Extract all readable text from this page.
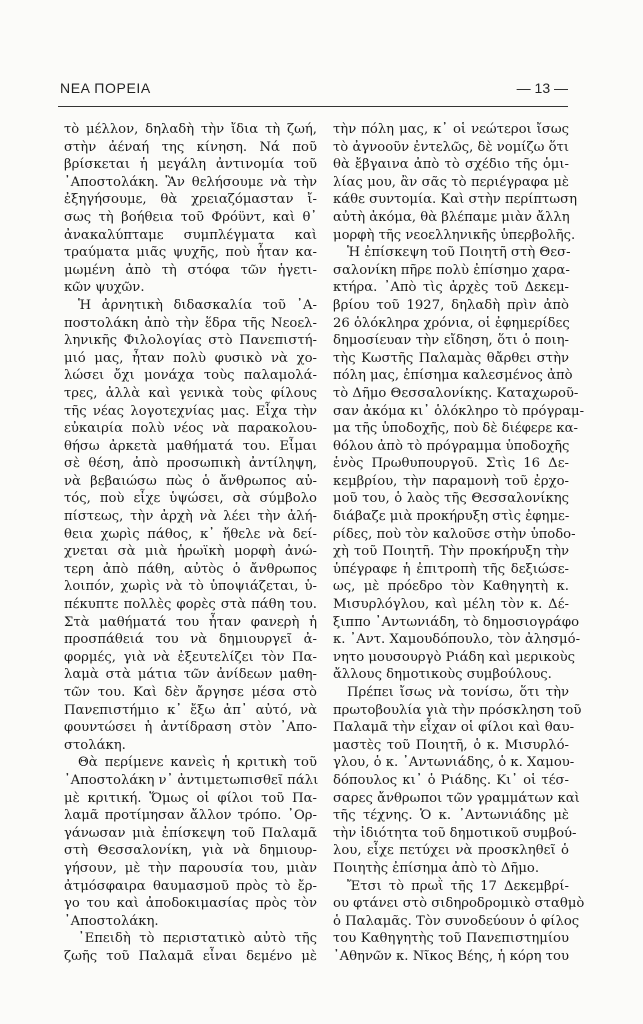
ΝΕΑ ΠΟΡΕΙΑ	— 13 —
τὸ μέλλον, δηλαδὴ τὴν ἴδια τὴ ζωή,
στὴν ἀέναή της κίνηση. Νά ποῦ
βρίσκεται ἡ μεγάλη ἀντινομία τοῦ
᾿Αποστολάκη. Ἂν θελήσουμε νὰ τὴν
ἐξηγήσουμε, θὰ χρειαζόμασταν ἴ-
σως τὴ βοήθεια τοῦ Φρόϋντ, καὶ θ᾿
ἀνακαλύπταμε συμπλέγματα καὶ
τραύματα μιᾶς ψυχῆς, ποὺ ἦταν κα-
μωμένη ἀπὸ τὴ στόφα τῶν ἡγετι-
κῶν ψυχῶν.
Ἡ ἀρνητικὴ διδασκαλία τοῦ ᾿Α-
ποστολάκη ἀπὸ τὴν ἕδρα τῆς Νεοελ-
ληνικῆς Φιλολογίας στὸ Πανεπιστή-
μιό μας, ἦταν πολὺ φυσικὸ νὰ χο-
λώσει ὄχι μονάχα τοὺς παλαμολά-
τρες, ἀλλὰ καὶ γενικὰ τοὺς φίλους
τῆς νέας λογοτεχνίας μας. Εἶχα τὴν
εὐκαιρία πολὺ νέος νὰ παρακολου-
θήσω ἀρκετὰ μαθήματά του. Εἶμαι
σὲ θέση, ἀπὸ προσωπικὴ ἀντίληψη,
νὰ βεβαιώσω πὼς ὁ ἄνθρωπος αὐ-
τός, ποὺ εἶχε ὑψώσει, σὰ σύμβολο
πίστεως, τὴν ἀρχὴ νὰ λέει τὴν ἀλή-
θεια χωρὶς πάθος, κ᾿ ἤθελε νὰ δεί-
χνεται σὰ μιὰ ἡρωϊκὴ μορφὴ ἀνώ-
τερη ἀπὸ πάθη, αὐτὸς ὁ ἄνθρωπος
λοιπόν, χωρὶς νὰ τὸ ὑποψιάζεται, ὑ-
πέκυπτε πολλὲς φορὲς στὰ πάθη του.
Στὰ μαθήματά του ἦταν φανερὴ ἡ
προσπάθειά του νὰ δημιουργεῖ ἀ-
φορμές, γιὰ νὰ ἐξευτελίζει τὸν Πα-
λαμὰ στὰ μάτια τῶν ἀνίδεων μαθη-
τῶν του. Καὶ δὲν ἄργησε μέσα στὸ
Πανεπιστήμιο κ᾿ ἔξω ἀπ᾿ αὐτό, νὰ
φουντώσει ἡ ἀντίδραση στὸν ᾿Απο-
στολάκη.
Θὰ περίμενε κανεὶς ἡ κριτικὴ τοῦ
᾿Αποστολάκη ν᾿ ἀντιμετωπισθεῖ πάλι
μὲ κριτική. Ὅμως οἱ φίλοι τοῦ Πα-
λαμᾶ προτίμησαν ἄλλον τρόπο. ᾿Ορ-
γάνωσαν μιὰ ἐπίσκεψη τοῦ Παλαμᾶ
στὴ Θεσσαλονίκη, γιὰ νὰ δημιουρ-
γήσουν, μὲ τὴν παρουσία του, μιὰν
ἀτμόσφαιρα θαυμασμοῦ πρὸς τὸ ἔρ-
γο του καὶ ἀποδοκιμασίας πρὸς τὸν
᾿Αποστολάκη.
᾿Επειδὴ τὸ περιστατικὸ αὐτὸ τῆς
ζωῆς τοῦ Παλαμᾶ εἶναι δεμένο μὲ
τὴν πόλη μας, κ᾿ οἱ νεώτεροι ἴσως
τὸ ἀγνοοῦν ἐντελῶς, δὲ νομίζω ὅτι
θὰ ἔβγαινα ἀπὸ τὸ σχέδιο τῆς ὁμι-
λίας μου, ἂν σᾶς τὸ περιέγραφα μὲ
κάθε συντομία. Καὶ στὴν περίπτωση
αὐτὴ ἀκόμα, θὰ βλέπαμε μιὰν ἄλλη
μορφὴ τῆς νεοελληνικῆς ὑπερβολῆς.
Ἡ ἐπίσκεψη τοῦ Ποιητῆ στὴ Θεσ-
σαλονίκη πῆρε πολὺ ἐπίσημο χαρα-
κτήρα. ᾿Απὸ τὶς ἀρχὲς τοῦ Δεκεμ-
βρίου τοῦ 1927, δηλαδὴ πρὶν ἀπὸ
26 ὁλόκληρα χρόνια, οἱ ἐφημερίδες
δημοσίευαν τὴν εἴδηση, ὅτι ὁ ποιη-
τὴς Κωστῆς Παλαμὰς θἄρθει στὴν
πόλη μας, ἐπίσημα καλεσμένος ἀπὸ
τὸ Δῆμο Θεσσαλονίκης. Καταχωροῦ-
σαν ἀκόμα κι᾿ ὁλόκληρο τὸ πρόγραμ-
μα τῆς ὑποδοχῆς, ποὺ δὲ διέφερε κα-
θόλου ἀπὸ τὸ πρόγραμμα ὑποδοχῆς
ἑνὸς Πρωθυπουργοῦ. Στὶς 16 Δε-
κεμβρίου, τὴν παραμονὴ τοῦ ἐρχο-
μοῦ του, ὁ λαὸς τῆς Θεσσαλονίκης
διάβαζε μιὰ προκήρυξη στὶς ἐφημε-
ρίδες, ποὺ τὸν καλοῦσε στὴν ὑποδο-
χὴ τοῦ Ποιητῆ. Τὴν προκήρυξη τὴν
ὑπέγραφε ἡ ἐπιτροπὴ τῆς δεξιώσε-
ως, μὲ πρόεδρο τὸν Καθηγητὴ κ.
Μισυρλόγλου, καὶ μέλη τὸν κ. Δέ-
ξιππο ᾿Αντωνιάδη, τὸ δημοσιογράφο
κ. ᾿Αντ. Χαμουδόπουλο, τὸν ἀλησμό-
νητο μουσουργὸ Ριάδη καὶ μερικοὺς
ἄλλους δημοτικοὺς συμβούλους.
Πρέπει ἴσως νὰ τονίσω, ὅτι τὴν
πρωτοβουλία γιὰ τὴν πρόσκληση τοῦ
Παλαμᾶ τὴν εἶχαν οἱ φίλοι καὶ θαυ-
μαστὲς τοῦ Ποιητῆ, ὁ κ. Μισυρλό-
γλου, ὁ κ. ᾿Αντωνιάδης, ὁ κ. Χαμου-
δόπουλος κι᾿ ὁ Ριάδης. Κι᾿ οἱ τέσ-
σαρες ἄνθρωποι τῶν γραμμάτων καὶ
τῆς τέχνης. Ὁ κ. ᾿Αντωνιάδης μὲ
τὴν ἰδιότητα τοῦ δημοτικοῦ συμβού-
λου, εἶχε πετύχει νὰ προσκληθεῖ ὁ
Ποιητὴς ἐπίσημα ἀπὸ τὸ Δῆμο.
Ἔτσι τὸ πρωῒ τῆς 17 Δεκεμβρί-
ου φτάνει στὸ σιδηροδρομικὸ σταθμὸ
ὁ Παλαμᾶς. Τὸν συνοδεύουν ὁ φίλος
του Καθηγητὴς τοῦ Πανεπιστημίου
᾿Αθηνῶν κ. Νῖκος Βέης, ἡ κόρη του
